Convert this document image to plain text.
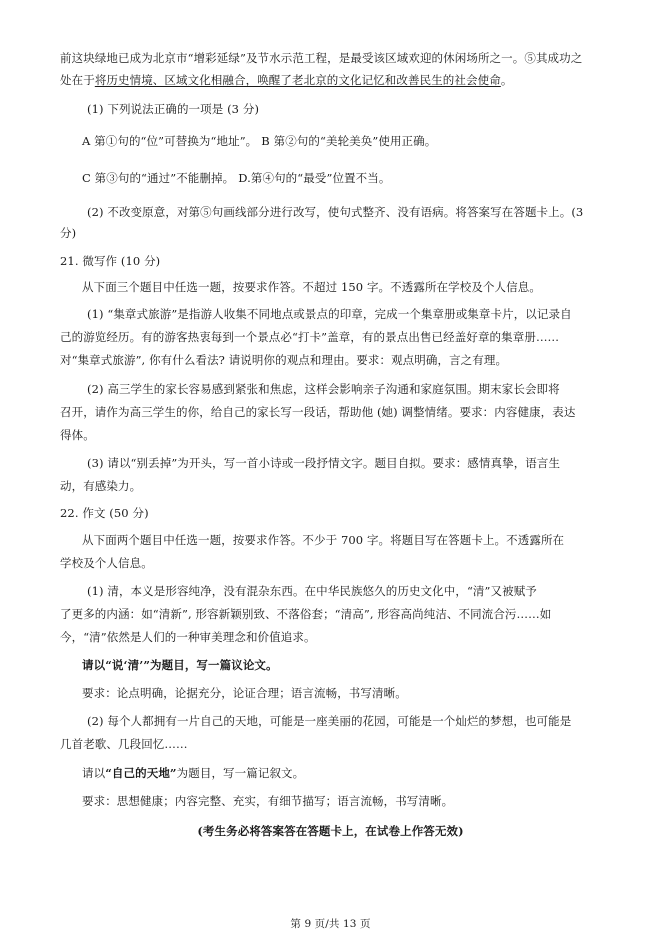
前这块绿地已成为北京市“增彩延绿”及节水示范工程，是最受该区域欢迎的休闲场所之一。⑤其成功之
处在于将历史情境、区域文化相融合，唤醒了老北京的文化记忆和改善民生的社会使命。
(1) 下列说法正确的一项是 (3 分)
A 第①句的“位”可替换为“地址”。 B 第②句的“美轮美奂”使用正确。
C 第③句的“通过”不能删掉。 D.第④句的“最受”位置不当。
(2) 不改变原意，对第⑤句画线部分进行改写，使句式整齐、没有语病。将答案写在答题卡上。(3
分)
21. 微写作 (10 分)
从下面三个题目中任选一题，按要求作答。不超过 150 字。不透露所在学校及个人信息。
(1) “集章式旅游”是指游人收集不同地点或景点的印章，完成一个集章册或集章卡片，以记录自
己的游览经历。有的游客热衷每到一个景点必“打卡”盖章，有的景点出售已经盖好章的集章册……
对“集章式旅游”, 你有什么看法? 请说明你的观点和理由。要求：观点明确，言之有理。
(2) 高三学生的家长容易感到紧张和焦虑，这样会影响亲子沟通和家庭氛围。期末家长会即将
召开，请作为高三学生的你，给自己的家长写一段话，帮助他 (她) 调整情绪。要求：内容健康，表达
得体。
(3) 请以“别丢掉”为开头，写一首小诗或一段抒情文字。题目自拟。要求：感情真挚，语言生
动，有感染力。
22. 作文 (50 分)
从下面两个题目中任选一题，按要求作答。不少于 700 字。将题目写在答题卡上。不透露所在
学校及个人信息。
(1) 清，本义是形容纯净，没有混杂东西。在中华民族悠久的历史文化中，“清”又被赋予
了更多的内涵：如“清新”, 形容新颖别致、不落俗套；“清高”, 形容高尚纯洁、不同流合污……如
今，“清”依然是人们的一种审美理念和价值追求。
请以“说‘清’”为题目，写一篇议论文。
要求：论点明确，论据充分，论证合理；语言流畅，书写清晰。
(2) 每个人都拥有一片自己的天地，可能是一座美丽的花园，可能是一个灿烂的梦想，也可能是
几首老歌、几段回忆……
请以“自己的天地”为题目，写一篇记叙文。
要求：思想健康；内容完整、充实，有细节描写；语言流畅，书写清晰。
(考生务必将答案答在答题卡上，在试卷上作答无效)
第 9 页/共 13 页
